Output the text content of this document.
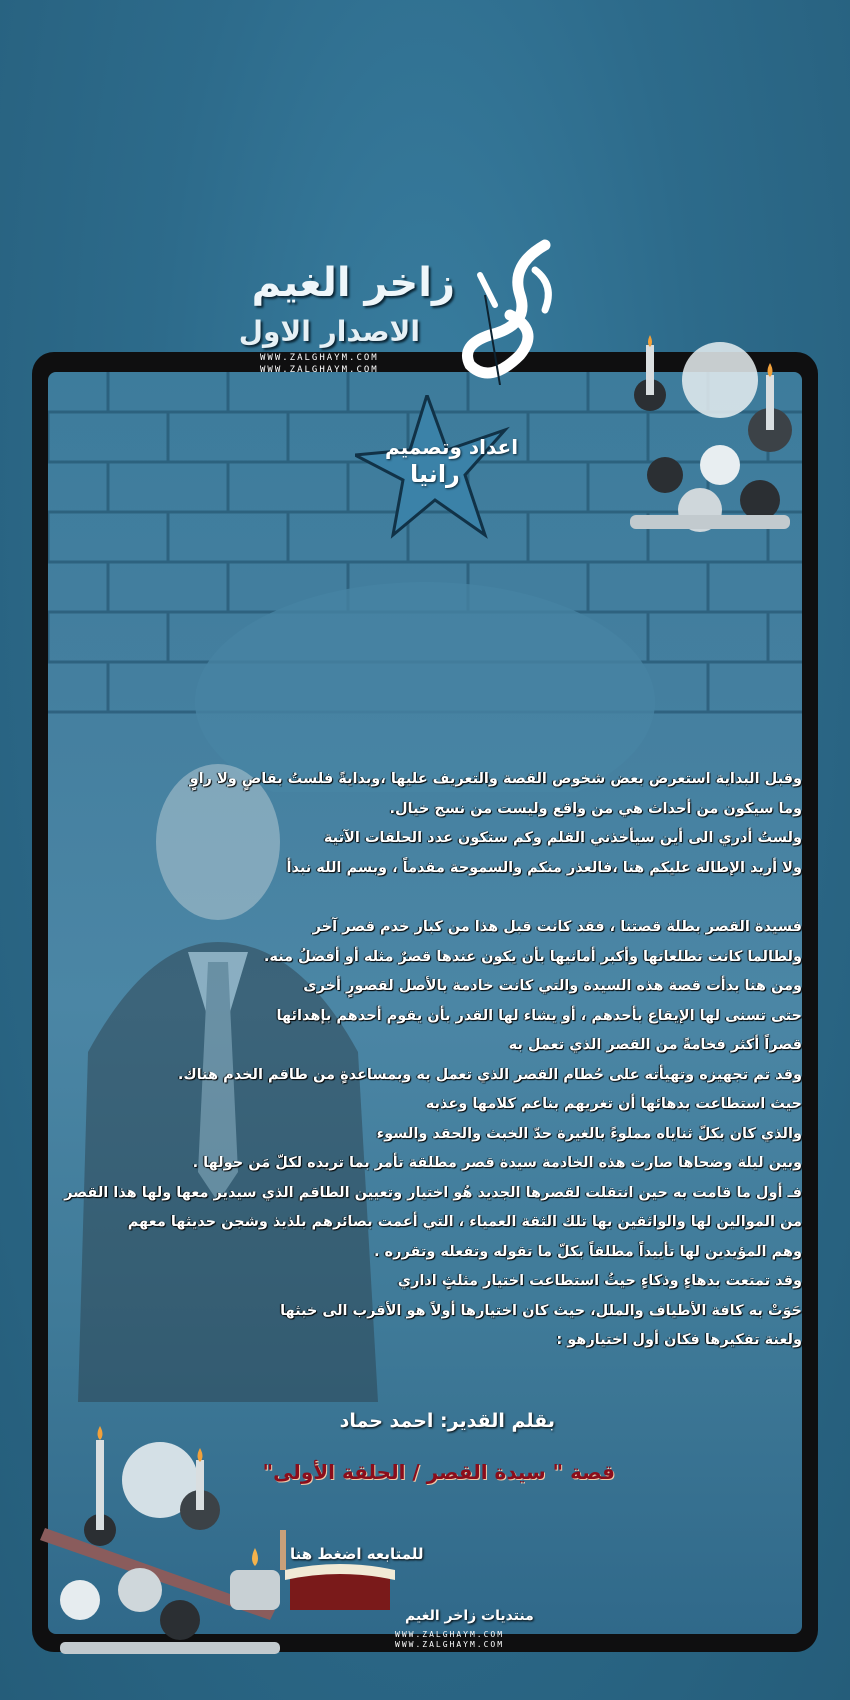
زاخر الغيم
الاصدار الاول
WWW.ZALGHAYM.COM
WWW.ZALGHAYM.COM
اعداد وتصميم
رانيا

وقبل البداية استعرض بعض شخوص القصة والتعريف عليها ،وبدايةً فلستُ بقاصٍ ولا راوٍ

وما سيكون من أحداث هي من واقع وليست من نسج خيال.

ولستُ أدري الى أين سيأخذني القلم وكم ستكون عدد الحلقات الآتية

ولا أريد الإطالة عليكم هنا ،فالعذر منكم والسموحة مقدماً ، وبسم الله نبدأ

فسيدة القصر بطلة قصتنا ، فقد كانت قبل هذا من كبار خدم قصر آخر

ولطالما كانت تطلعاتها وأكبر أمانيها بأن يكون عندها قصرٌ مثله أو أفضلُ منه.

ومن هنا بدأت قصة هذه السيدة والتي كانت خادمة بالأصل لقصورٍ أخرى

حتى تسنى لها الإيقاع بأحدهم ، أو يشاء لها القدر بأن يقوم أحدهم بإهدائها

قصراً أكثر فخامةً من القصر الذي تعمل به

وقد تم تجهيزه وتهيأته على حُطام القصر الذي تعمل به وبمساعدةٍ من طاقم الخدم هناك.

حيث استطاعت بدهائها أن تغريهم بناعم كلامها وعذبه

والذي كان بكلّ ثناياه مملوءً بالغيرة حدّ الخبث والحقد والسوء

وبين ليلة وضحاها صارت هذه الخادمة سيدة قصر مطلقة تأمر بما تريده لكلّ مَن حولها .

فـ أول ما قامت به حين انتقلت لقصرها الجديد هُو اختيار وتعيين الطاقم الذي سيدير معها ولها هذا القصر

من الموالين لها والواثقين بها تلك الثقة العمياء ، التي أعمت بصائرهم بلذيذ وشجن حديثها معهم

وهم المؤيدين لها تأييداً مطلقاً بكلّ ما تقوله وتفعله وتقرره .

وقد تمتعت بدهاءٍ وذكاءٍ حيثُ استطاعت اختيار مثلثٍ اداري

حَوَتْ به كافة الأطياف والملل، حيث كان اختيارها أولاً هو الأقرب الى خبثها

ولعنة تفكيرها فكان أول اختيارهو :

بقلم القدير: احمد حماد
قصة " سيدة القصر / الحلقة الأولى"
للمتابعه اضغط هنا
منتديات زاخر الغيم
WWW.ZALGHAYM.COM
WWW.ZALGHAYM.COM
